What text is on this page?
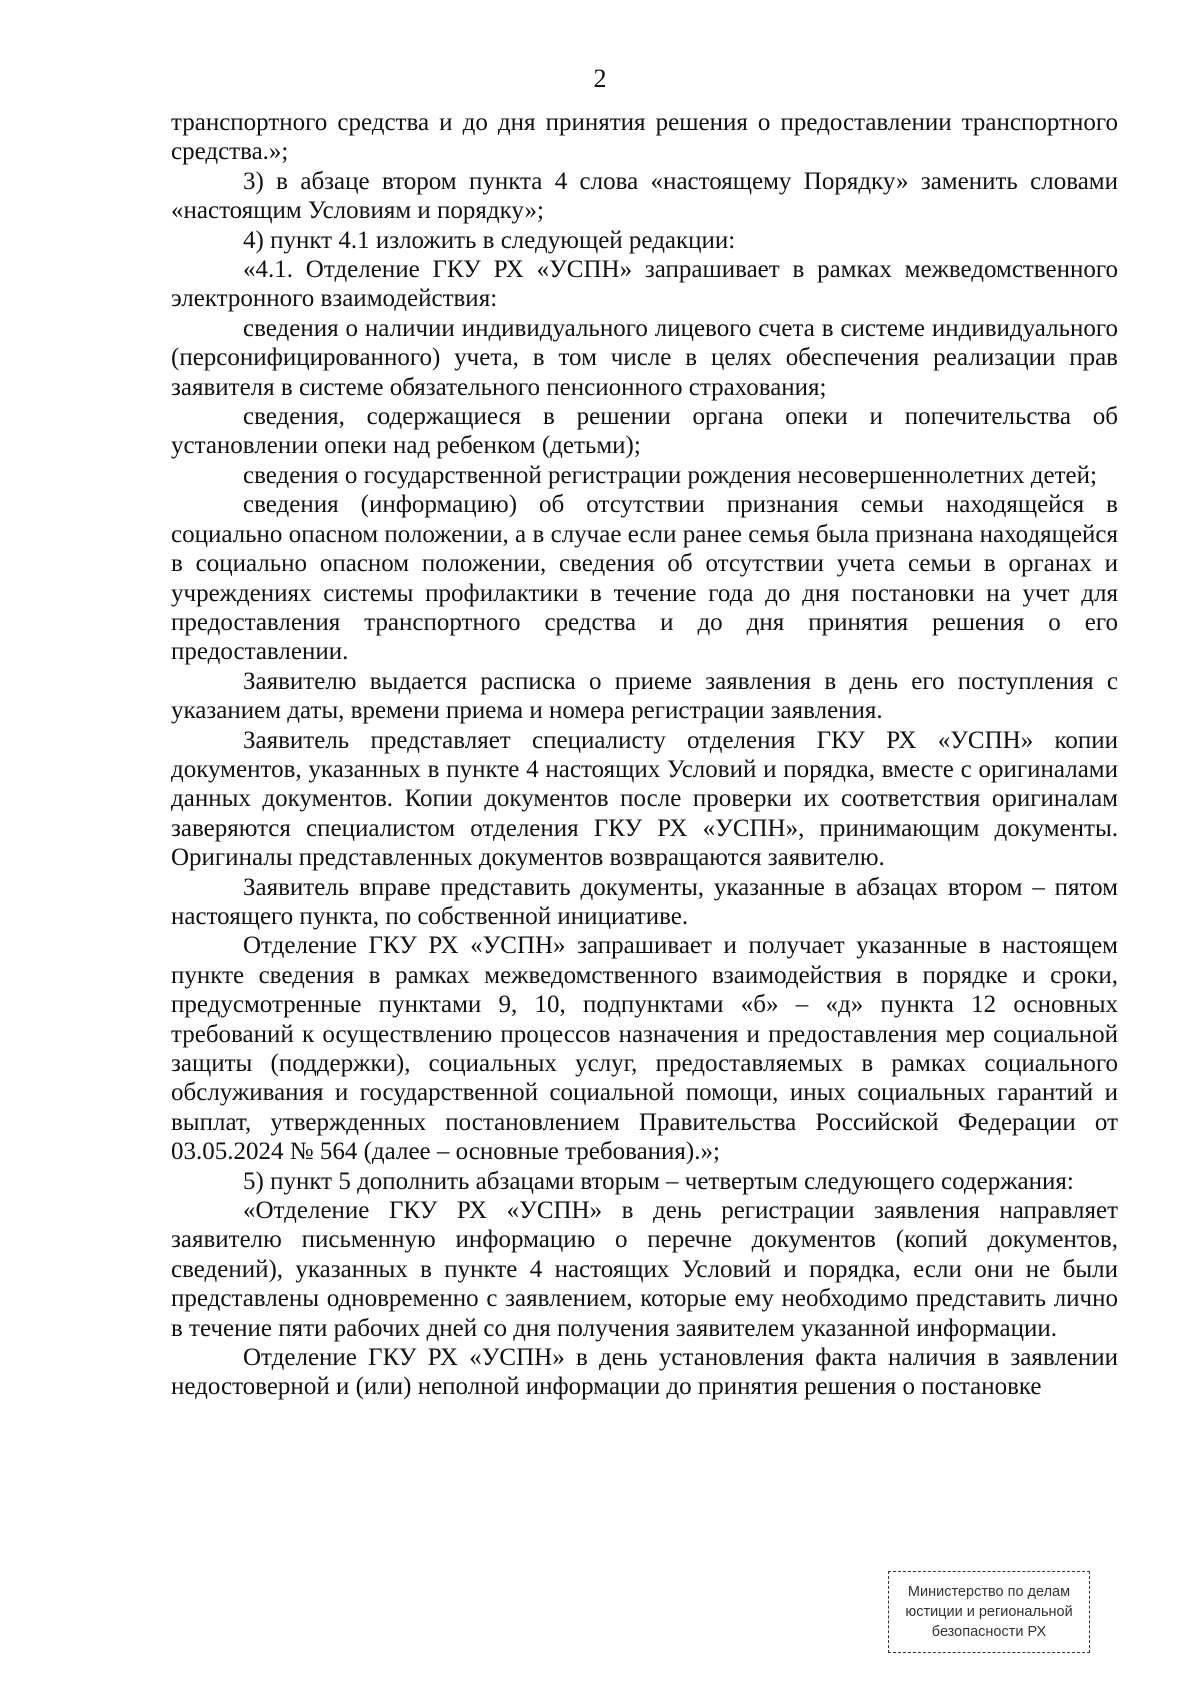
2

транспортного средства и до дня принятия решения о предоставлении транспортного средства.»;

3) в абзаце втором пункта 4 слова «настоящему Порядку» заменить словами «настоящим Условиям и порядку»;

4) пункт 4.1 изложить в следующей редакции:

«4.1. Отделение ГКУ РХ «УСПН» запрашивает в рамках межведомственного электронного взаимодействия:

сведения о наличии индивидуального лицевого счета в системе индивидуального (персонифицированного) учета, в том числе в целях обеспечения реализации прав заявителя в системе обязательного пенсионного страхования;

сведения, содержащиеся в решении органа опеки и попечительства об установлении опеки над ребенком (детьми);

сведения о государственной регистрации рождения несовершеннолетних детей;

сведения (информацию) об отсутствии признания семьи находящейся в социально опасном положении, а в случае если ранее семья была признана находящейся в социально опасном положении, сведения об отсутствии учета семьи в органах и учреждениях системы профилактики в течение года до дня постановки на учет для предоставления транспортного средства и до дня принятия решения о его предоставлении.

Заявителю выдается расписка о приеме заявления в день его поступления с указанием даты, времени приема и номера регистрации заявления.

Заявитель представляет специалисту отделения ГКУ РХ «УСПН» копии документов, указанных в пункте 4 настоящих Условий и порядка, вместе с оригиналами данных документов. Копии документов после проверки их соответствия оригиналам заверяются специалистом отделения ГКУ РХ «УСПН», принимающим документы. Оригиналы представленных документов возвращаются заявителю.

Заявитель вправе представить документы, указанные в абзацах втором – пятом настоящего пункта, по собственной инициативе.

Отделение ГКУ РХ «УСПН» запрашивает и получает указанные в настоящем пункте сведения в рамках межведомственного взаимодействия в порядке и сроки, предусмотренные пунктами 9, 10, подпунктами «б» – «д» пункта 12 основных требований к осуществлению процессов назначения и предоставления мер социальной защиты (поддержки), социальных услуг, предоставляемых в рамках социального обслуживания и государственной социальной помощи, иных социальных гарантий и выплат, утвержденных постановлением Правительства Российской Федерации от 03.05.2024 № 564 (далее – основные требования).»;

5) пункт 5 дополнить абзацами вторым – четвертым следующего содержания:

«Отделение ГКУ РХ «УСПН» в день регистрации заявления направляет заявителю письменную информацию о перечне документов (копий документов, сведений), указанных в пункте 4 настоящих Условий и порядка, если они не были представлены одновременно с заявлением, которые ему необходимо представить лично в течение пяти рабочих дней со дня получения заявителем указанной информации.

Отделение ГКУ РХ «УСПН» в день установления факта наличия в заявлении недостоверной и (или) неполной информации до принятия решения о постановке

Министерство по делам
юстиции и региональной
безопасности РХ
